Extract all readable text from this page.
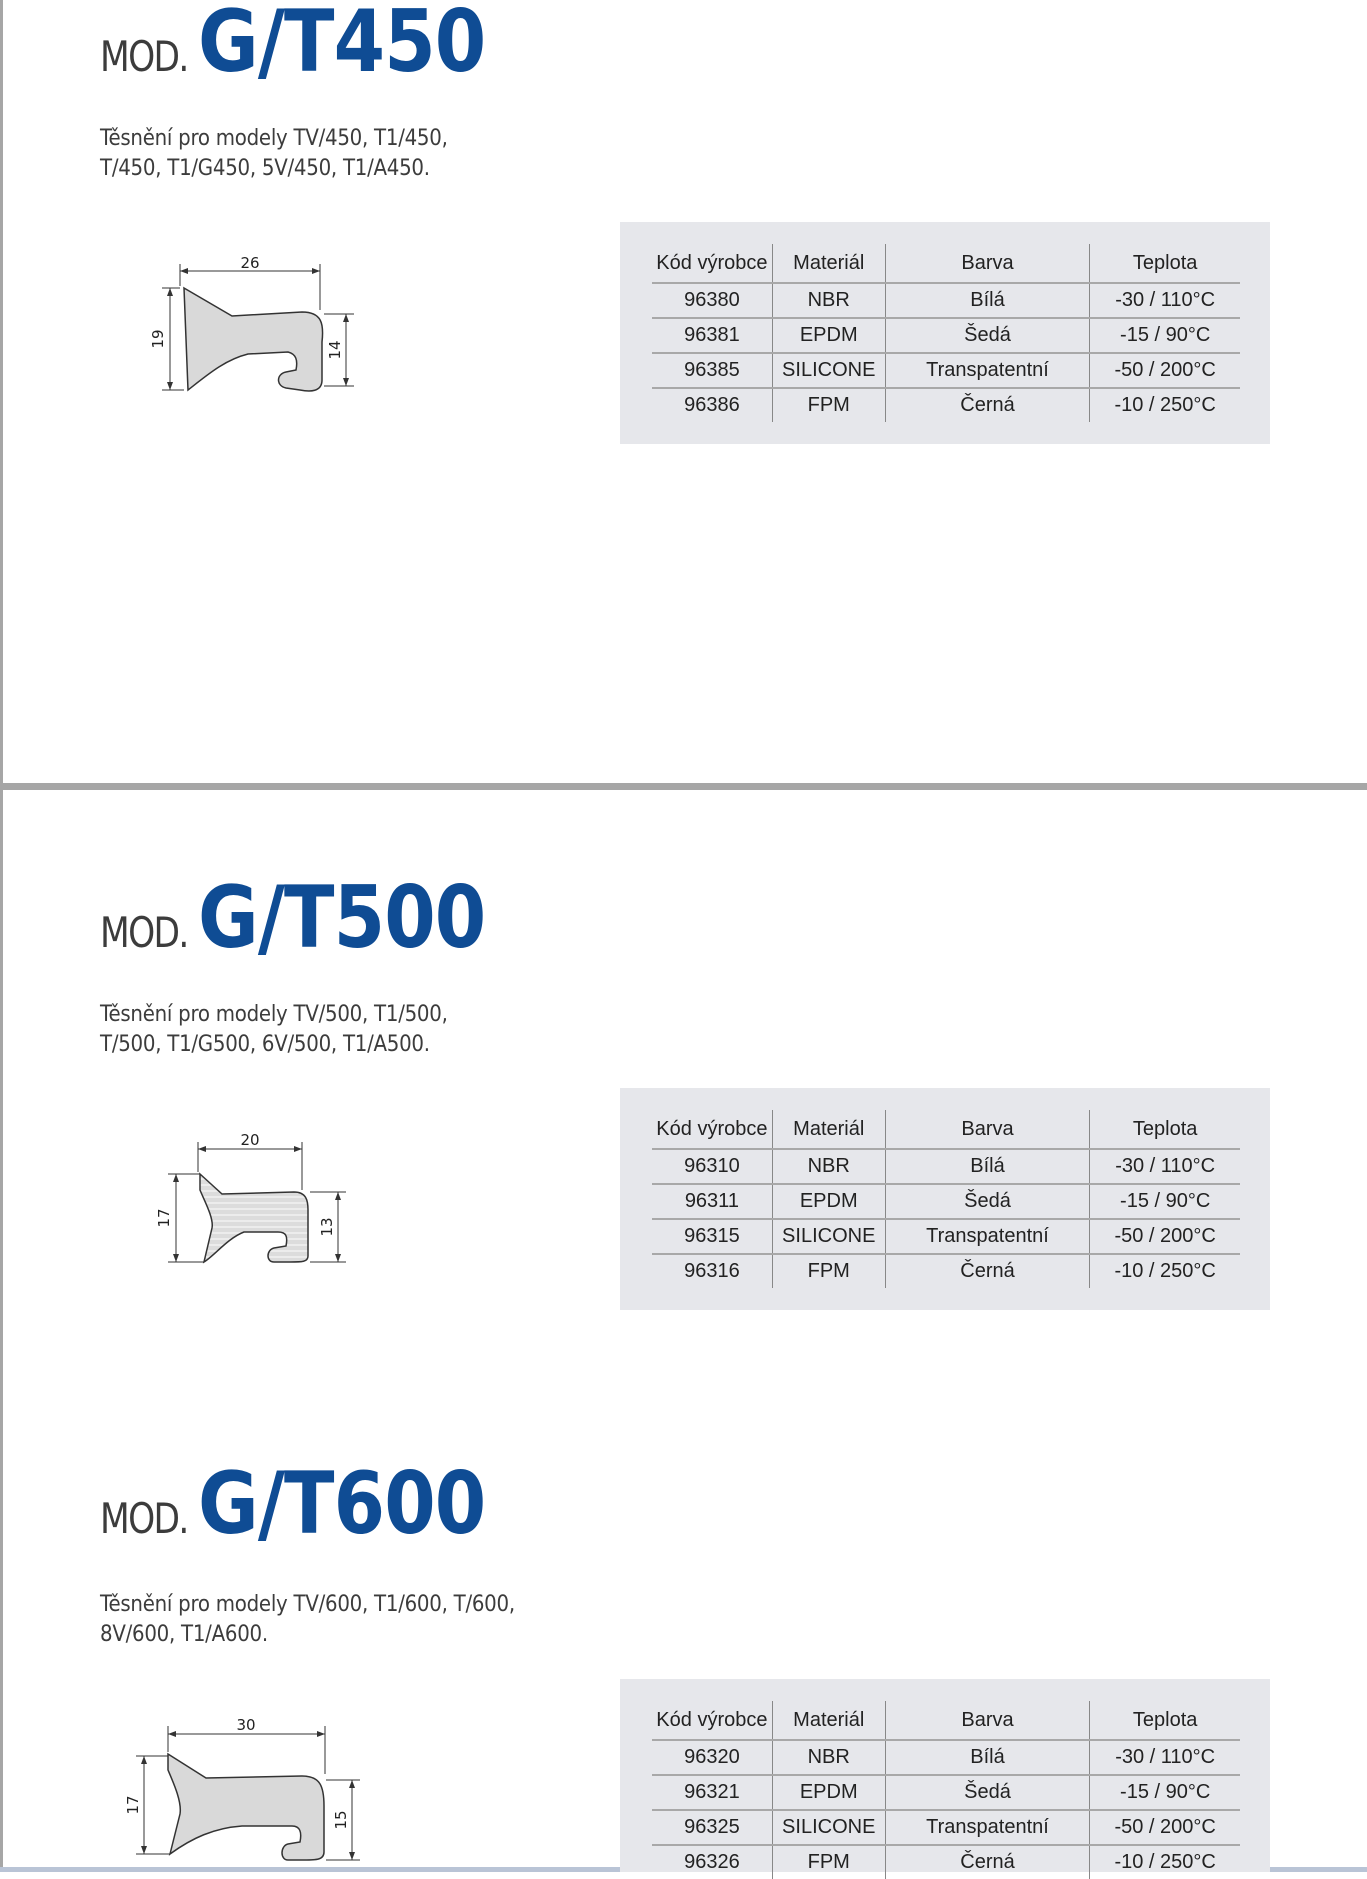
MOD. G/T450
Těsnění pro modely TV/450, T1/450,
T/450, T1/G450, 5V/450, T1/A450.
26
19
14
Kód výrobce	Materiál	Barva	Teplota
96380	NBR	Bílá	-30 / 110°C
96381	EPDM	Šedá	-15 / 90°C
96385	SILICONE	Transpatentní	-50 / 200°C
96386	FPM	Černá	-10 / 250°C
MOD. G/T500
Těsnění pro modely TV/500, T1/500,
T/500, T1/G500, 6V/500, T1/A500.
20
17	13
Kód výrobce	Materiál	Barva	Teplota
96310	NBR	Bílá	-30 / 110°C
96311	EPDM	Šedá	-15 / 90°C
96315	SILICONE	Transpatentní	-50 / 200°C
96316	FPM	Černá	-10 / 250°C
MOD. G/T600
Těsnění pro modely TV/600, T1/600, T/600,
8V/600, T1/A600.
30
17
15
Kód výrobce	Materiál	Barva	Teplota
96320	NBR	Bílá	-30 / 110°C
96321	EPDM	Šedá	-15 / 90°C
96325	SILICONE	Transpatentní	-50 / 200°C
96326	FPM	Černá	-10 / 250°C
